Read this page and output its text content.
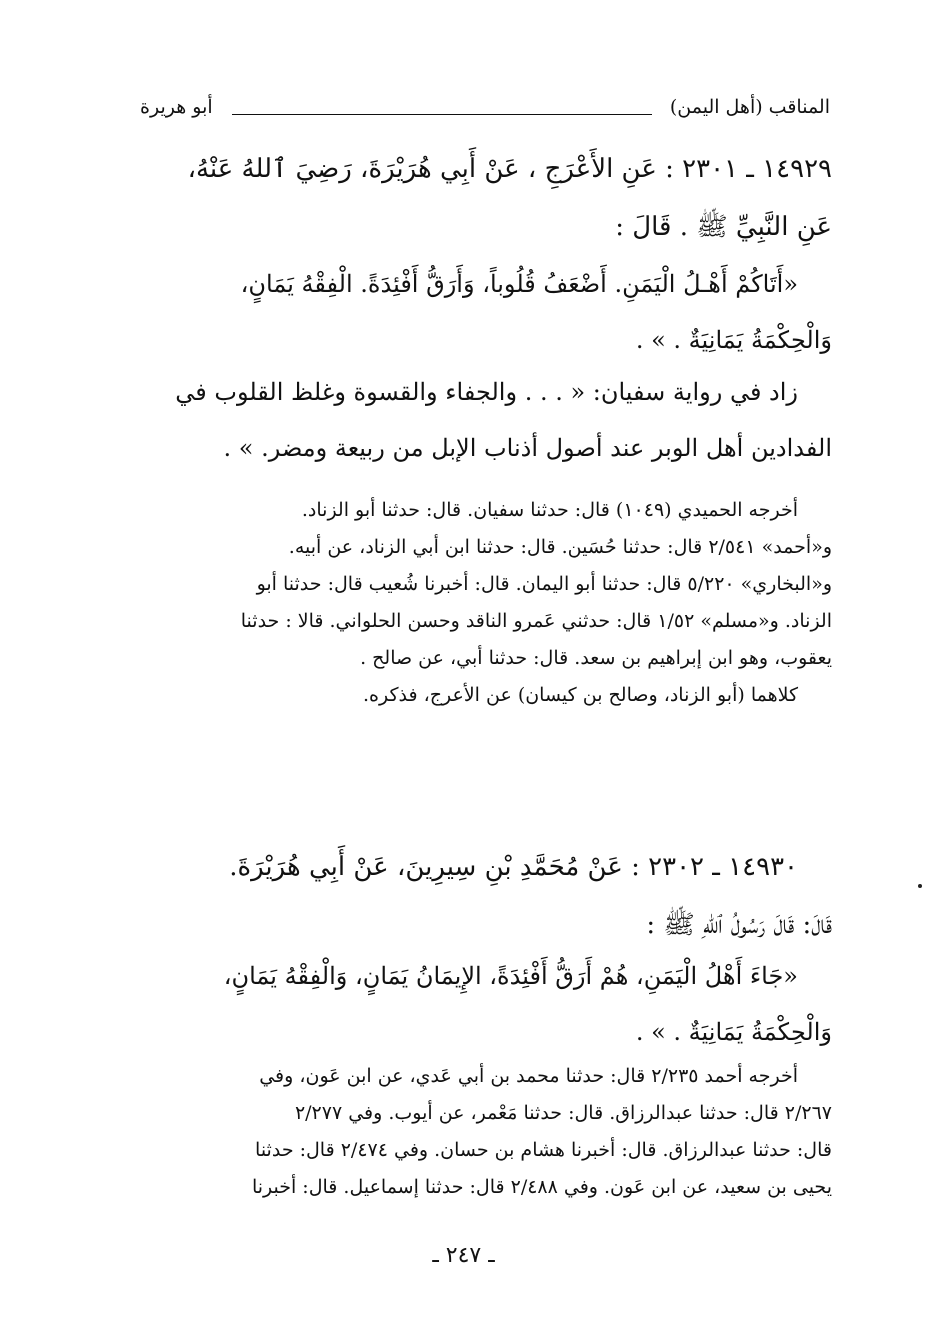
المناقب (أهل اليمن)
أبو هريرة
١٤٩٢٩ ـ ٢٣٠١ : عَنِ الأَعْرَجِ ، عَنْ أَبِي هُرَيْرَةَ، رَضِيَ ٱللهُ عَنْهُ،
عَنِ النَّبِيِّ ﷺ . قَالَ :
«أَتَاكُمْ أَهْـلُ الْيَمَنِ. أَضْعَفُ قُلُوباً، وَأَرَقُّ أَفْئِدَةً. الْفِقْهُ يَمَانٍ،
وَالْحِكْمَةُ يَمَانِيَةٌ . » .
زاد في رواية سفيان: « . . . والجفاء والقسوة وغلظ القلوب في
الفدادين أهل الوبر عند أصول أذناب الإبل من ربيعة ومضر. » .
أخرجه الحميدي (١٠٤٩) قال: حدثنا سفيان. قال: حدثنا أبو الزناد.
و«أحمد» ٢/٥٤١ قال: حدثنا حُسَين. قال: حدثنا ابن أبي الزناد، عن أبيه.
و«البخاري» ٥/٢٢٠ قال: حدثنا أبو اليمان. قال: أخبرنا شُعيب قال: حدثنا أبو
الزناد. و«مسلم» ١/٥٢ قال: حدثني عَمرو الناقد وحسن الحلواني. قالا : حدثنا
يعقوب، وهو ابن إبراهيم بن سعد. قال: حدثنا أبي، عن صالح .
كلاهما (أبو الزناد، وصالح بن كيسان) عن الأعرج، فذكره.
١٤٩٣٠ ـ ٢٣٠٢ : عَنْ مُحَمَّدِ بْنِ سِيرِينَ، عَنْ أَبِي هُرَيْرَةَ.
قَالَ: قَالَ رَسُولُ ٱللهِ ﷺ :
«جَاءَ أَهْلُ الْيَمَنِ، هُمْ أَرَقُّ أَفْئِدَةً، الإِيمَانُ يَمَانٍ، وَالْفِقْهُ يَمَانٍ،
وَالْحِكْمَةُ يَمَانِيَةٌ . » .
أخرجه أحمد ٢/٢٣٥ قال: حدثنا محمد بن أبي عَدي، عن ابن عَون، وفي
٢/٢٦٧ قال: حدثنا عبدالرزاق. قال: حدثنا مَعْمر، عن أيوب. وفي ٢/٢٧٧
قال: حدثنا عبدالرزاق. قال: أخبرنا هشام بن حسان. وفي ٢/٤٧٤ قال: حدثنا
يحيى بن سعيد، عن ابن عَون. وفي ٢/٤٨٨ قال: حدثنا إسماعيل. قال: أخبرنا
ـ ٢٤٧ ـ
